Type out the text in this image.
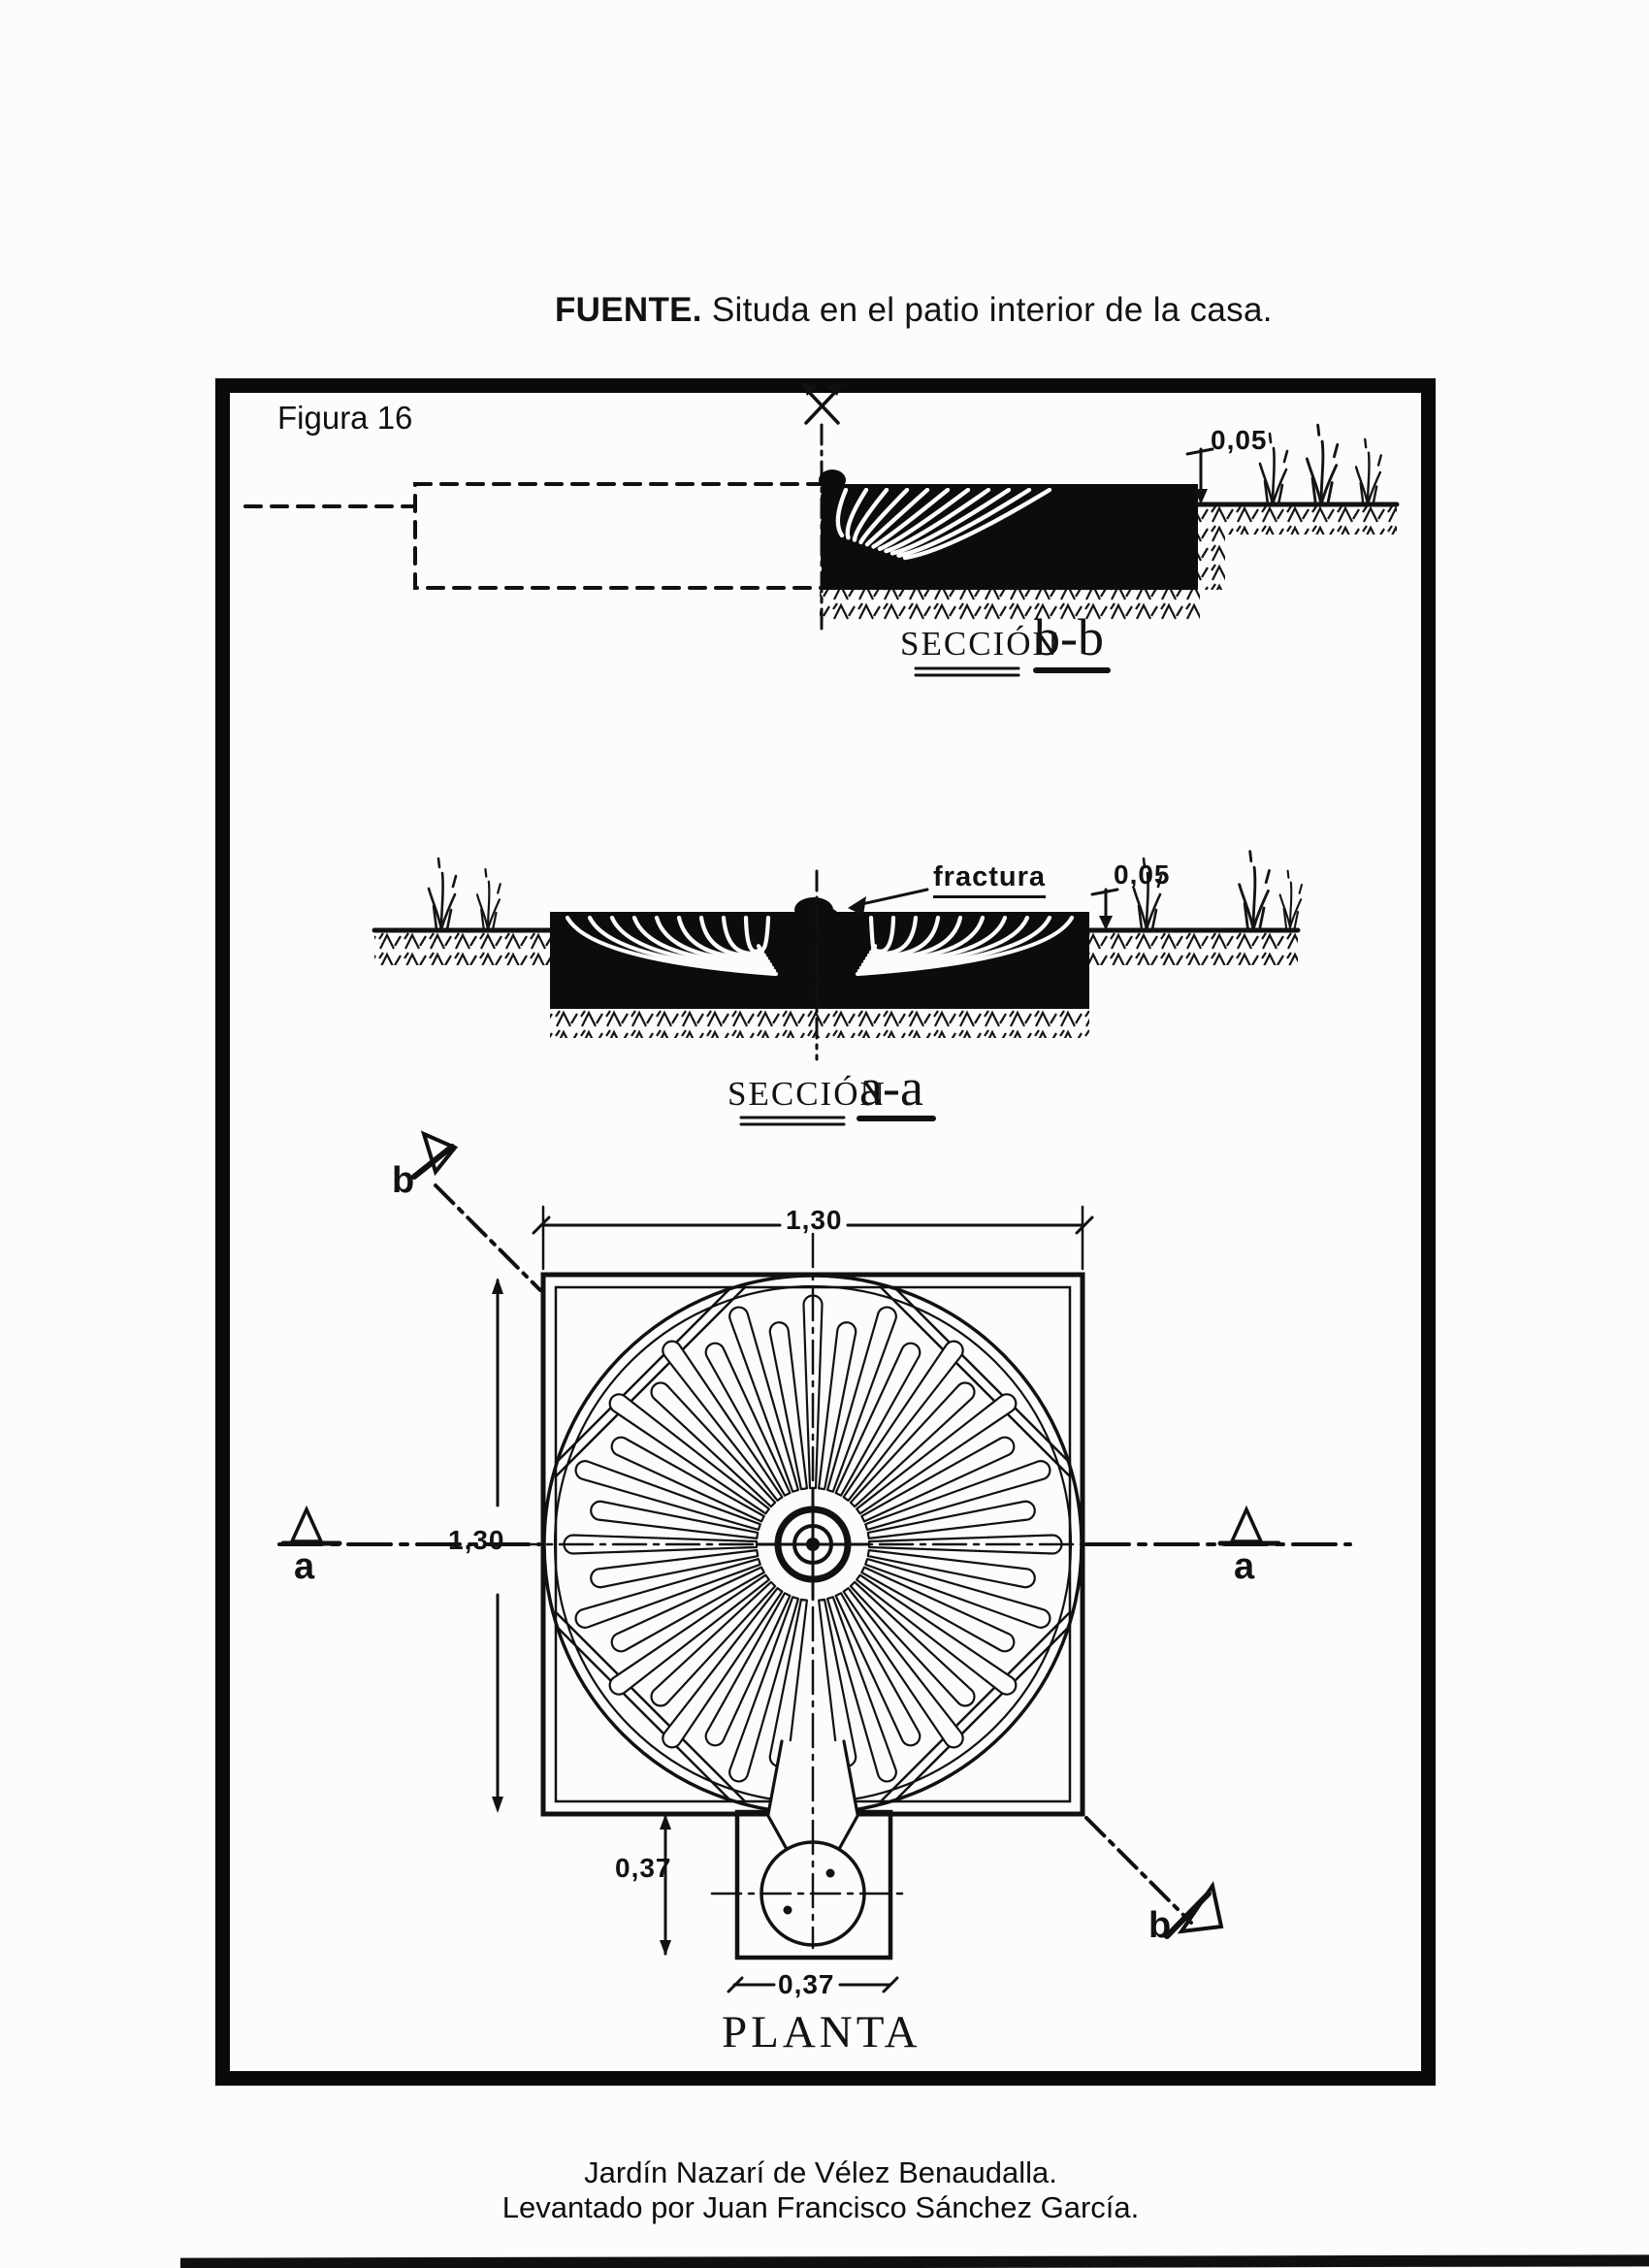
FUENTE. Situda en el patio interior de la casa.
Figura 16
SECCIÓN
b-b
0,05
fractura	0,05
SECCIÓN
a-a
1,30
1,30
a	a
b
b
0,37
0,37
PLANTA
Jardín Nazarí de Vélez Benaudalla.
Levantado por Juan Francisco Sánchez García.
